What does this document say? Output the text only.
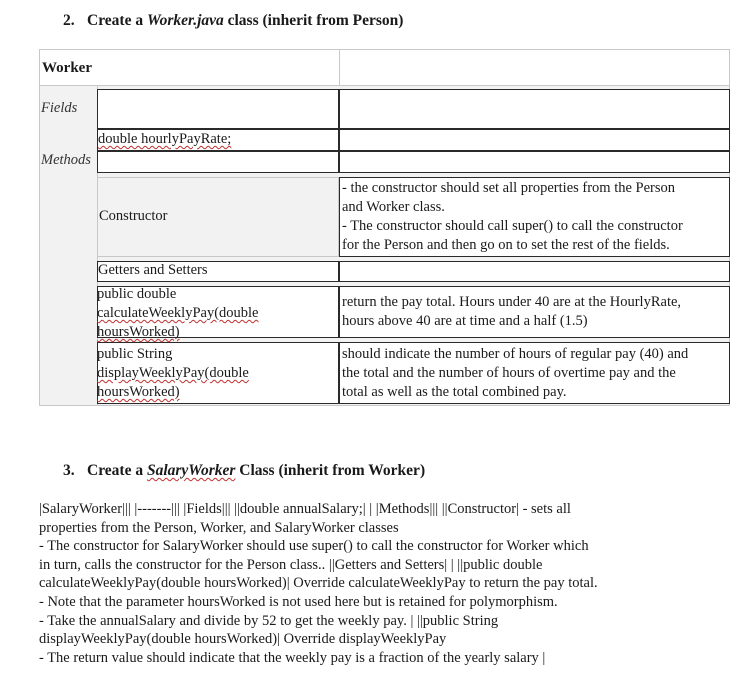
2. Create a Worker.java class (inherit from Person)
Worker
Fields
Methods
double hourlyPayRate;
Constructor
- the constructor should set all properties from the Person
and Worker class.
- The constructor should call super() to call the constructor
for the Person and then go on to set the rest of the fields.
Getters and Setters
public double
calculateWeeklyPay(double
hoursWorked)
return the pay total. Hours under 40 are at the HourlyRate,
hours above 40 are at time and a half (1.5)
public String
displayWeeklyPay(double
hoursWorked)
should indicate the number of hours of regular pay (40) and
the total and the number of hours of overtime pay and the
total as well as the total combined pay.
3. Create a SalaryWorker Class (inherit from Worker)
|SalaryWorker||| |-------||| |Fields||| ||double annualSalary;| | |Methods||| ||Constructor| - sets all
properties from the Person, Worker, and SalaryWorker classes
- The constructor for SalaryWorker should use super() to call the constructor for Worker which
in turn, calls the constructor for the Person class.. ||Getters and Setters| | ||public double
calculateWeeklyPay(double hoursWorked)| Override calculateWeeklyPay to return the pay total.
- Note that the parameter hoursWorked is not used here but is retained for polymorphism.
- Take the annualSalary and divide by 52 to get the weekly pay. | ||public String
displayWeeklyPay(double hoursWorked)| Override displayWeeklyPay
- The return value should indicate that the weekly pay is a fraction of the yearly salary |
